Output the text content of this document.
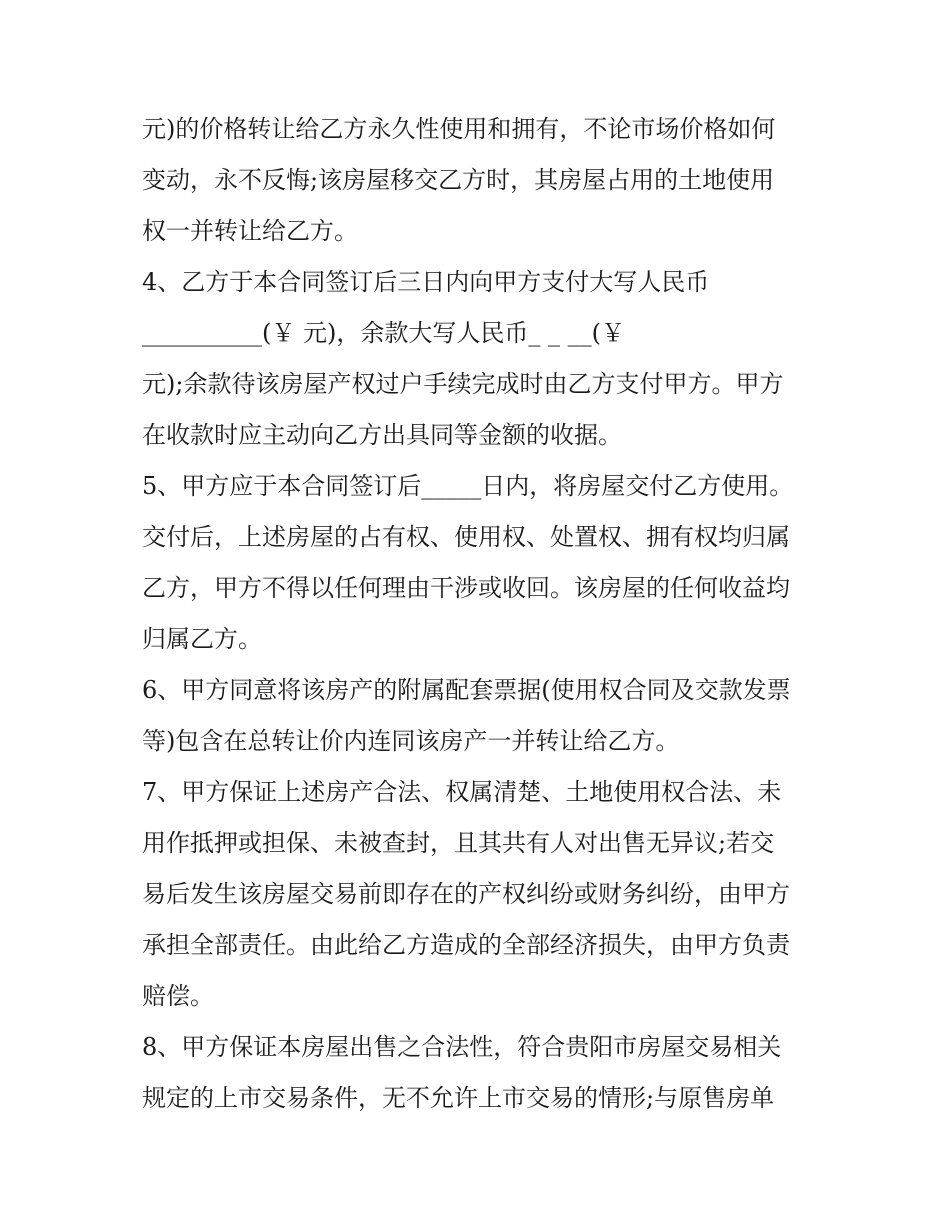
元)的价格转让给乙方永久性使用和拥有，不论市场价格如何
变动，永不反悔;该房屋移交乙方时，其房屋占用的土地使用
权一并转让给乙方。
4、乙方于本合同签订后三日内向甲方支付大写人民币
__________(￥ 元)，余款大写人民币_ _ __(￥
元);余款待该房屋产权过户手续完成时由乙方支付甲方。甲方
在收款时应主动向乙方出具同等金额的收据。
5、甲方应于本合同签订后_____日内，将房屋交付乙方使用。
交付后，上述房屋的占有权、使用权、处置权、拥有权均归属
乙方，甲方不得以任何理由干涉或收回。该房屋的任何收益均
归属乙方。
6、甲方同意将该房产的附属配套票据(使用权合同及交款发票
等)包含在总转让价内连同该房产一并转让给乙方。
7、甲方保证上述房产合法、权属清楚、土地使用权合法、未
用作抵押或担保、未被查封，且其共有人对出售无异议;若交
易后发生该房屋交易前即存在的产权纠纷或财务纠纷，由甲方
承担全部责任。由此给乙方造成的全部经济损失，由甲方负责
赔偿。
8、甲方保证本房屋出售之合法性，符合贵阳市房屋交易相关
规定的上市交易条件，无不允许上市交易的情形;与原售房单
